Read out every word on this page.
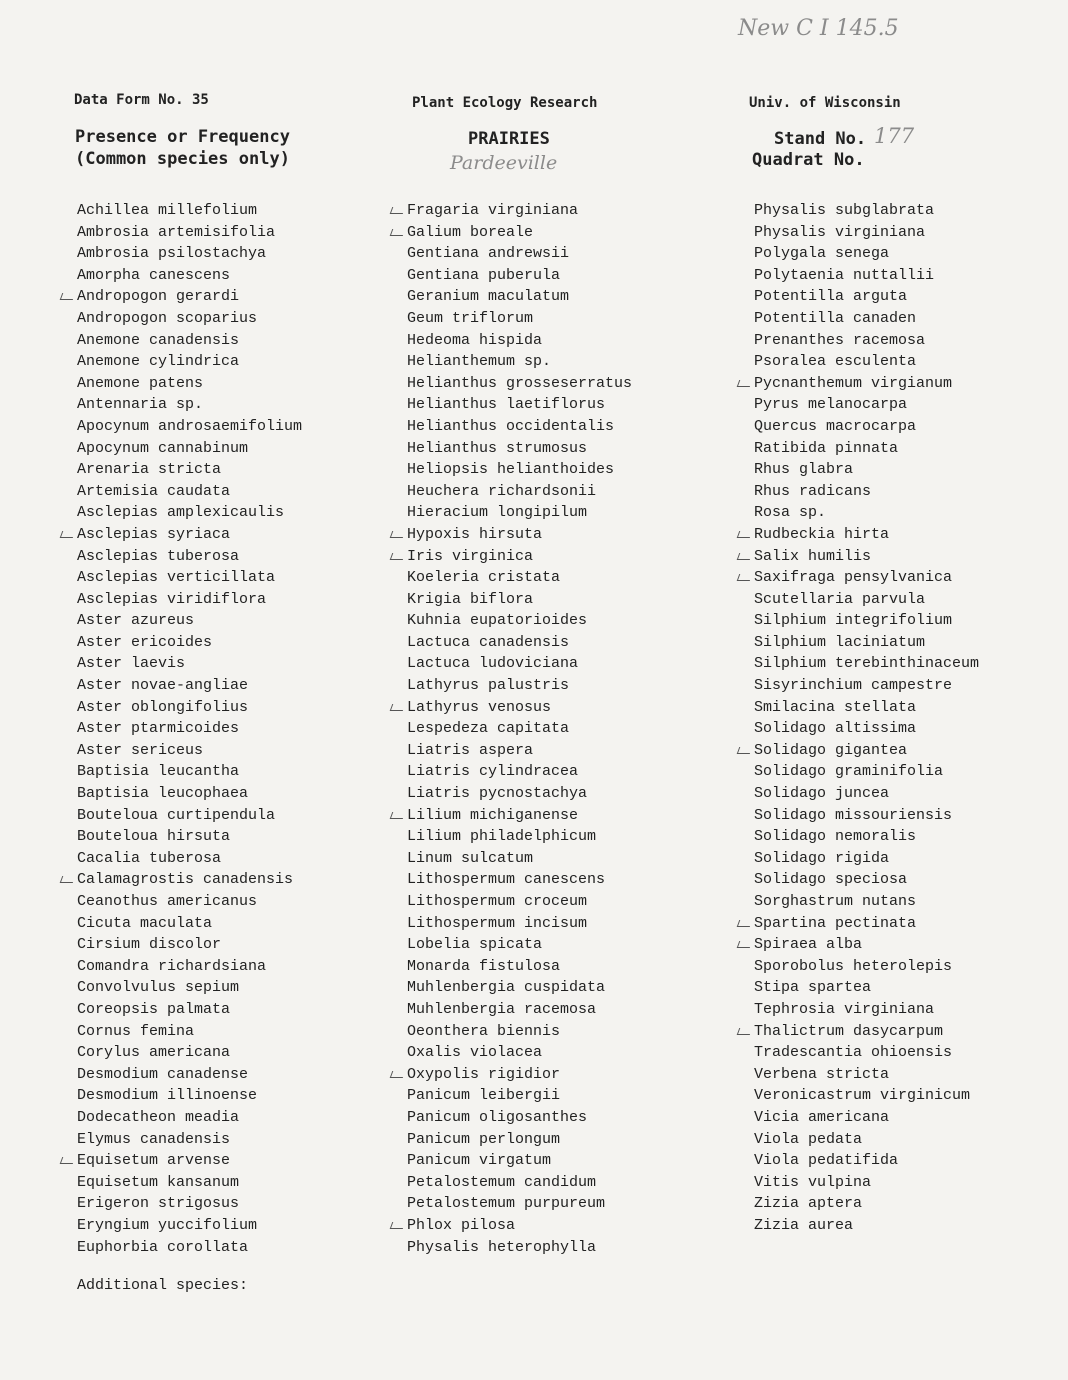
New C I 145.5
Data Form No. 35	Plant Ecology Research	Univ. of Wisconsin
Presence or Frequency
(Common species only)
PRAIRIES
Pardeeville
Stand No. 177
Quadrat No.
Achillea millefolium
Ambrosia artemisifolia
Ambrosia psilostachya
Amorpha canescens
Andropogon gerardi
Andropogon scoparius
Anemone canadensis
Anemone cylindrica
Anemone patens
Antennaria sp.
Apocynum androsaemifolium
Apocynum cannabinum
Arenaria stricta
Artemisia caudata
Asclepias amplexicaulis
Asclepias syriaca
Asclepias tuberosa
Asclepias verticillata
Asclepias viridiflora
Aster azureus
Aster ericoides
Aster laevis
Aster novae-angliae
Aster oblongifolius
Aster ptarmicoides
Aster sericeus
Baptisia leucantha
Baptisia leucophaea
Bouteloua curtipendula
Bouteloua hirsuta
Cacalia tuberosa
Calamagrostis canadensis
Ceanothus americanus
Cicuta maculata
Cirsium discolor
Comandra richardsiana
Convolvulus sepium
Coreopsis palmata
Cornus femina
Corylus americana
Desmodium canadense
Desmodium illinoense
Dodecatheon meadia
Elymus canadensis
Equisetum arvense
Equisetum kansanum
Erigeron strigosus
Eryngium yuccifolium
Euphorbia corollata
Fragaria virginiana
Galium boreale
Gentiana andrewsii
Gentiana puberula
Geranium maculatum
Geum triflorum
Hedeoma hispida
Helianthemum sp.
Helianthus grosseserratus
Helianthus laetiflorus
Helianthus occidentalis
Helianthus strumosus
Heliopsis helianthoides
Heuchera richardsonii
Hieracium longipilum
Hypoxis hirsuta
Iris virginica
Koeleria cristata
Krigia biflora
Kuhnia eupatorioides
Lactuca canadensis
Lactuca ludoviciana
Lathyrus palustris
Lathyrus venosus
Lespedeza capitata
Liatris aspera
Liatris cylindracea
Liatris pycnostachya
Lilium michiganense
Lilium philadelphicum
Linum sulcatum
Lithospermum canescens
Lithospermum croceum
Lithospermum incisum
Lobelia spicata
Monarda fistulosa
Muhlenbergia cuspidata
Muhlenbergia racemosa
Oeonthera biennis
Oxalis violacea
Oxypolis rigidior
Panicum leibergii
Panicum oligosanthes
Panicum perlongum
Panicum virgatum
Petalostemum candidum
Petalostemum purpureum
Phlox pilosa
Physalis heterophylla
Physalis subglabrata
Physalis virginiana
Polygala senega
Polytaenia nuttallii
Potentilla arguta
Potentilla canaden
Prenanthes racemosa
Psoralea esculenta
Pycnanthemum virgianum
Pyrus melanocarpa
Quercus macrocarpa
Ratibida pinnata
Rhus glabra
Rhus radicans
Rosa sp.
Rudbeckia hirta
Salix humilis
Saxifraga pensylvanica
Scutellaria parvula
Silphium integrifolium
Silphium laciniatum
Silphium terebinthinaceum
Sisyrinchium campestre
Smilacina stellata
Solidago altissima
Solidago gigantea
Solidago graminifolia
Solidago juncea
Solidago missouriensis
Solidago nemoralis
Solidago rigida
Solidago speciosa
Sorghastrum nutans
Spartina pectinata
Spiraea alba
Sporobolus heterolepis
Stipa spartea
Tephrosia virginiana
Thalictrum dasycarpum
Tradescantia ohioensis
Verbena stricta
Veronicastrum virginicum
Vicia americana
Viola pedata
Viola pedatifida
Vitis vulpina
Zizia aptera
Zizia aurea
Additional species:
